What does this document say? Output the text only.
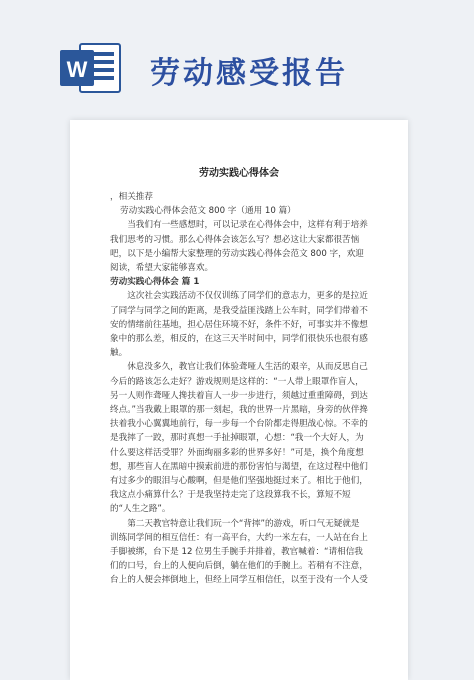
W 劳动感受报告
劳动实践心得体会

，相关推荐

劳动实践心得体会范文 800 字（通用 10 篇）

当我们有一些感想时，可以记录在心得体会中，这样有利于培养我们思考的习惯。那么心得体会该怎么写？想必这让大家都很苦恼吧，以下是小编帮大家整理的劳动实践心得体会范文 800 字，欢迎阅读，希望大家能够喜欢。

劳动实践心得体会 篇 1

这次社会实践活动不仅仅训练了同学们的意志力，更多的是拉近了同学与同学之间的距离，是我受益匪浅踏上公车时，同学们带着不安的情绪前往基地，担心居住环境不好，条件不好，可事实并不像想象中的那么差，相反的，在这三天半时间中，同学们很快乐也很有感触。

休息没多久，教官让我们体验聋哑人生活的艰辛，从而反思自己今后的路该怎么走好？游戏规则是这样的：“一人带上眼罩作盲人，另一人则作聋哑人搀扶着盲人一步一步进行，须越过重重障碍，到达终点。”当我戴上眼罩的那一刻起，我的世界一片黑暗，身旁的伙伴搀扶着我小心翼翼地前行，每一步每一个台阶都走得胆战心惊。不幸的是我摔了一跤，那时真想一手扯掉眼罩，心想：“我一个大好人，为什么要这样活受罪？外面绚丽多彩的世界多好！”可是，换个角度想想，那些盲人在黑暗中摸索前进的那份害怕与渴望，在这过程中他们有过多少的眼泪与心酸啊，但是他们坚强地挺过来了。相比于他们，我这点小痛算什么？于是我坚持走完了这段算我不长，算短不短的“人生之路”。

第二天教官特意让我们玩一个“背摔”的游戏，听口气无疑就是训练同学间的相互信任：有一高平台，大约一米左右，一人站在台上手脚被绑，台下是 12 位男生手腕手并排着，教官喊着：“请相信我们的口号，台上的人便向后倒，躺在他们的手腕上。若稍有不注意，台上的人便会摔倒地上，但经上同学互相信任，以至于没有一个人受
